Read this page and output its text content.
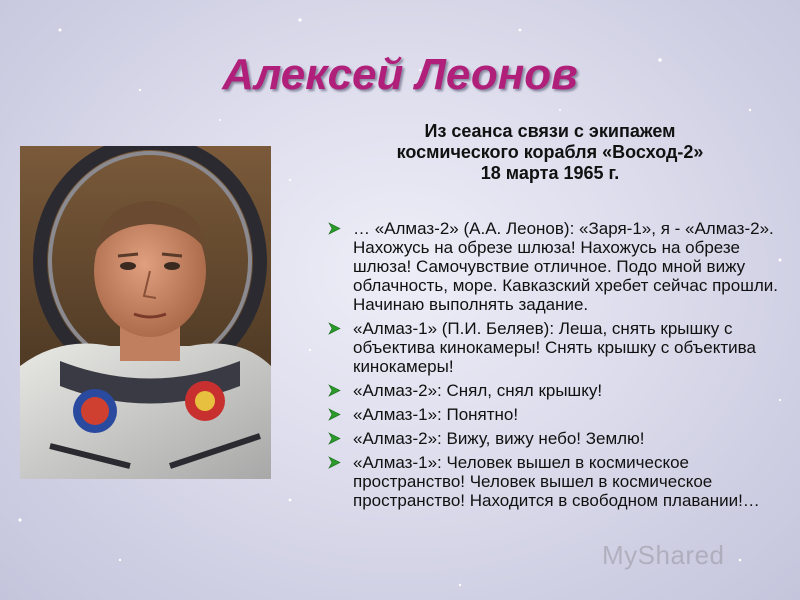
Алексей Леонов
Из сеанса связи с экипажем
космического корабля «Восход-2»
18 марта 1965 г.
… «Алмаз-2» (А.А. Леонов): «Заря-1», я - «Алмаз-2». Нахожусь на обрезе шлюза! Нахожусь на обрезе шлюза! Самочувствие отличное. Подо мной вижу облачность, море. Кавказский хребет сейчас прошли. Начинаю выполнять задание.
«Алмаз-1» (П.И. Беляев): Леша, снять крышку с объектива кинокамеры! Снять крышку с объектива кинокамеры!
«Алмаз-2»: Снял, снял крышку!
«Алмаз-1»: Понятно!
«Алмаз-2»: Вижу, вижу небо! Землю!
«Алмаз-1»: Человек вышел в космическое пространство! Человек вышел в космическое пространство! Находится в свободном плавании!…
MyShared
